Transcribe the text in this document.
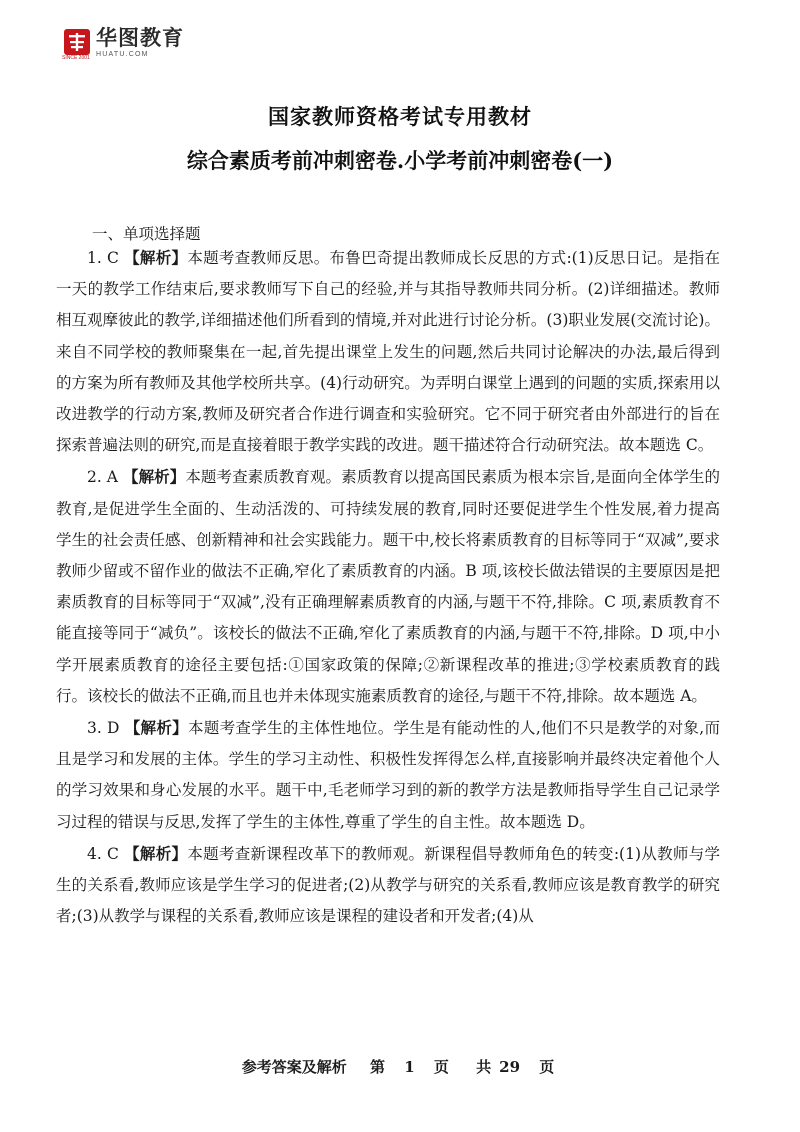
SINCE 2001
华图教育
HUATU.COM
国家教师资格考试专用教材
综合素质考前冲刺密卷.小学考前冲刺密卷(一)
一、单项选择题

1. C 【解析】本题考查教师反思。布鲁巴奇提出教师成长反思的方式:(1)反思日记。是指在一天的教学工作结束后,要求教师写下自己的经验,并与其指导教师共同分析。(2)详细描述。教师相互观摩彼此的教学,详细描述他们所看到的情境,并对此进行讨论分析。(3)职业发展(交流讨论)。来自不同学校的教师聚集在一起,首先提出课堂上发生的问题,然后共同讨论解决的办法,最后得到的方案为所有教师及其他学校所共享。(4)行动研究。为弄明白课堂上遇到的问题的实质,探索用以改进教学的行动方案,教师及研究者合作进行调查和实验研究。它不同于研究者由外部进行的旨在探索普遍法则的研究,而是直接着眼于教学实践的改进。题干描述符合行动研究法。故本题选 C。

2. A 【解析】本题考查素质教育观。素质教育以提高国民素质为根本宗旨,是面向全体学生的教育,是促进学生全面的、生动活泼的、可持续发展的教育,同时还要促进学生个性发展,着力提高学生的社会责任感、创新精神和社会实践能力。题干中,校长将素质教育的目标等同于“双减”,要求教师少留或不留作业的做法不正确,窄化了素质教育的内涵。B 项,该校长做法错误的主要原因是把素质教育的目标等同于“双减”,没有正确理解素质教育的内涵,与题干不符,排除。C 项,素质教育不能直接等同于“减负”。该校长的做法不正确,窄化了素质教育的内涵,与题干不符,排除。D 项,中小学开展素质教育的途径主要包括:①国家政策的保障;②新课程改革的推进;③学校素质教育的践行。该校长的做法不正确,而且也并未体现实施素质教育的途径,与题干不符,排除。故本题选 A。

3. D 【解析】本题考查学生的主体性地位。学生是有能动性的人,他们不只是教学的对象,而且是学习和发展的主体。学生的学习主动性、积极性发挥得怎么样,直接影响并最终决定着他个人的学习效果和身心发展的水平。题干中,毛老师学习到的新的教学方法是教师指导学生自己记录学习过程的错误与反思,发挥了学生的主体性,尊重了学生的自主性。故本题选 D。

4. C 【解析】本题考查新课程改革下的教师观。新课程倡导教师角色的转变:(1)从教师与学生的关系看,教师应该是学生学习的促进者;(2)从教学与研究的关系看,教师应该是教育教学的研究者;(3)从教学与课程的关系看,教师应该是课程的建设者和开发者;(4)从

参考答案及解析 第 1 页 共 29 页
